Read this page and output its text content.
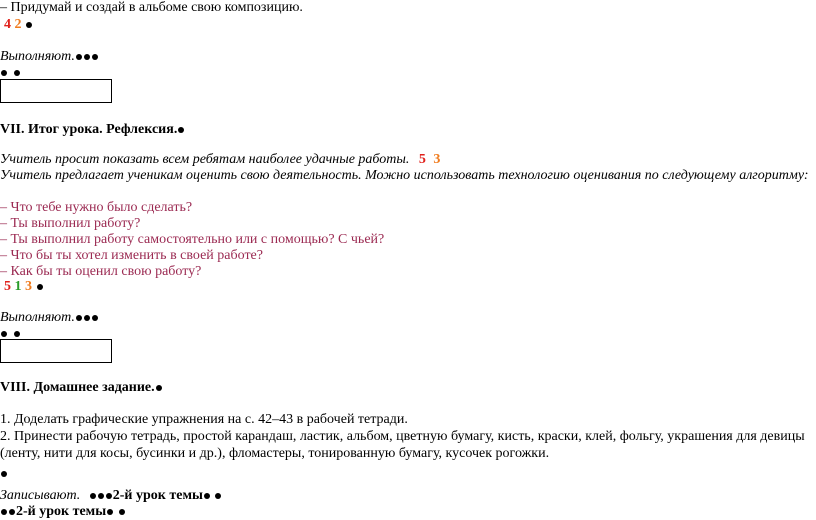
– Придумай и создай в альбоме свою композицию.
4 2
Выполняют.
VII. Итог урока. Рефлексия.
Учитель просит показать всем ребятам наиболее удачные работы. 5 3
Учитель предлагает ученикам оценить свою деятельность. Можно использовать технологию оценивания по следующему алгоритму:
– Что тебе нужно было сделать?
– Ты выполнил работу?
– Ты выполнил работу самостоятельно или с помощью? С чьей?
– Что бы ты хотел изменить в своей работе?
– Как бы ты оценил свою работу?
5 1 3
Выполняют.
VIII. Домашнее задание.
1. Доделать графические упражнения на с. 42–43 в рабочей тетради.
2. Принести рабочую тетрадь, простой карандаш, ластик, альбом, цветную бумагу, кисть, краски, клей, фольгу, украшения для девицы (ленту, нити для косы, бусинки и др.), фломастеры, тонированную бумагу, кусочек рогожки.
Записывают. 2-й урок темы
2-й урок темы
